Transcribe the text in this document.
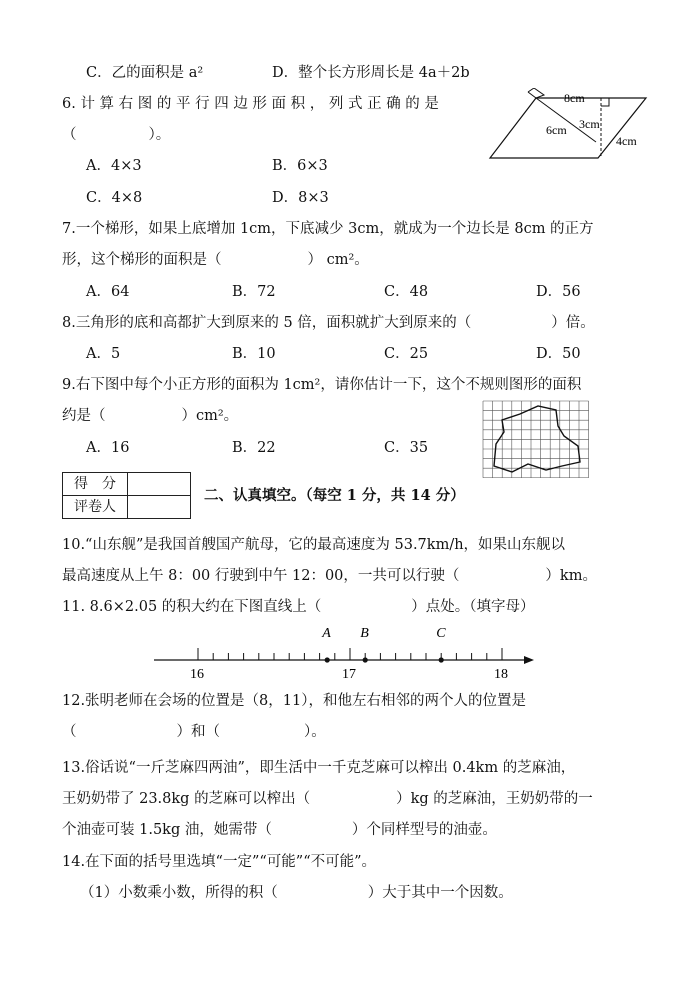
C．乙的面积是 a²	D．整个长方形周长是 4a＋2b
6. 计 算 右 图 的 平 行 四 边 形 面 积 ， 列 式 正 确 的 是
（	）。
A．4×3	B．6×3
C．4×8	D．8×3
8cm
6cm 3cm
4cm
7.一个梯形，如果上底增加 1cm，下底减少 3cm，就成为一个边长是 8cm 的正方
形，这个梯形的面积是（	） cm²。
A．64	B．72	C．48	D．56
8.三角形的底和高都扩大到原来的 5 倍，面积就扩大到原来的（	）倍。
A．5	B．10	C．25	D．50
9.右下图中每个小正方形的面积为 1cm²，请你估计一下，这个不规则图形的面积
约是（	）cm²。
A．16	B．22	C．35
得　分	
评卷人	
二、认真填空。（每空 1 分，共 14 分）
10.“山东舰”是我国首艘国产航母，它的最高速度为 53.7km/h，如果山东舰以
最高速度从上午 8：00 行驶到中午 12：00，一共可以行驶（	）km。
11. 8.6×2.05 的积大约在下图直线上（	）点处。（填字母）
16	17	18
A B	C
12.张明老师在会场的位置是（8，11），和他左右相邻的两个人的位置是
（	）和（	）。
13.俗话说“一斤芝麻四两油”，即生活中一千克芝麻可以榨出 0.4km 的芝麻油，
王奶奶带了 23.8kg 的芝麻可以榨出（	）kg 的芝麻油，王奶奶带的一
个油壶可装 1.5kg 油，她需带（	）个同样型号的油壶。
14.在下面的括号里选填“一定”“可能”“不可能”。
（1）小数乘小数，所得的积（	）大于其中一个因数。
